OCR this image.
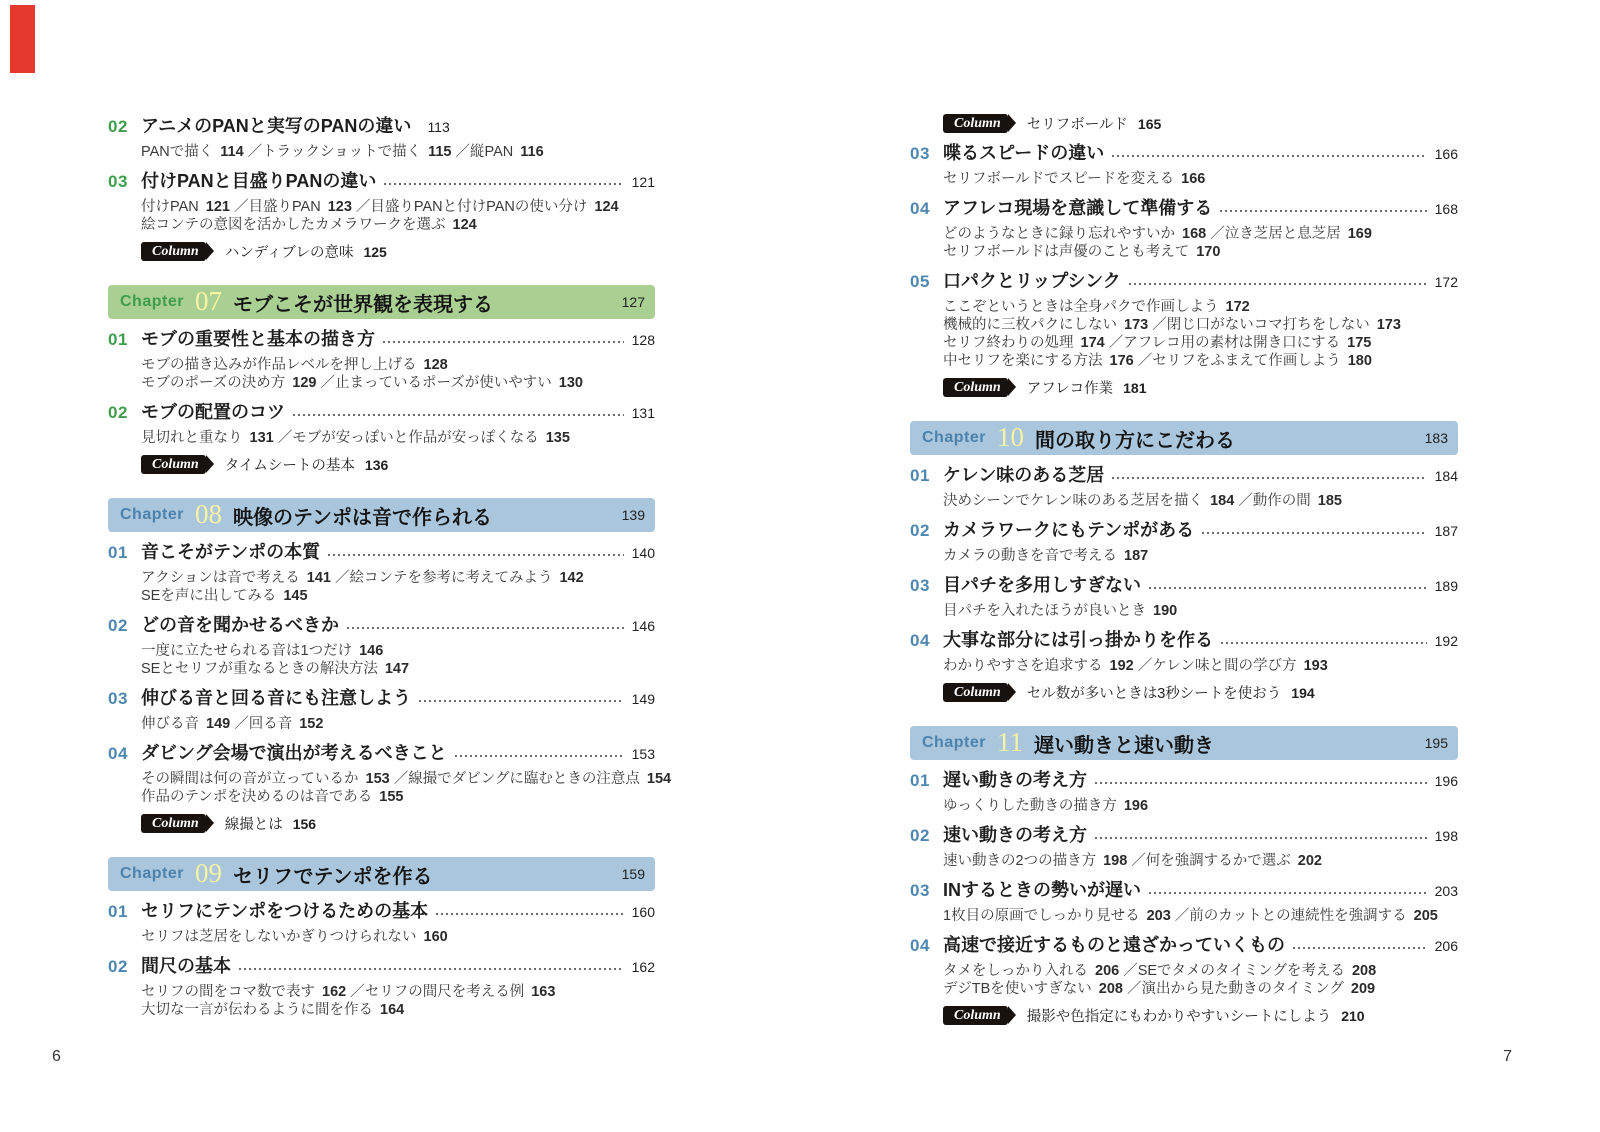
02 アニメのPANと実写のPANの違い 113
PANで描く 114 ／トラックショットで描く 115 ／縦PAN 116
03 付けPANと目盛りPANの違い	121
付けPAN 121 ／目盛りPAN 123 ／目盛りPANと付けPANの使い分け 124
絵コンテの意図を活かしたカメラワークを選ぶ 124
Column	ハンディブレの意味 125
Chapter 07 モブこそが世界観を表現する	127
01 モブの重要性と基本の描き方	128
モブの描き込みが作品レベルを押し上げる 128
モブのポーズの決め方 129 ／止まっているポーズが使いやすい 130
02 モブの配置のコツ	131
見切れと重なり 131 ／モブが安っぽいと作品が安っぽくなる 135
Column	タイムシートの基本 136
Chapter 08 映像のテンポは音で作られる	139
01 音こそがテンポの本質	140
アクションは音で考える 141 ／絵コンテを参考に考えてみよう 142
SEを声に出してみる 145
02 どの音を聞かせるべきか	146
一度に立たせられる音は1つだけ 146
SEとセリフが重なるときの解決方法 147
03 伸びる音と回る音にも注意しよう	149
伸びる音 149 ／回る音 152
04 ダビング会場で演出が考えるべきこと	153
その瞬間は何の音が立っているか 153 ／線撮でダビングに臨むときの注意点 154
作品のテンポを決めるのは音である 155
Column	線撮とは 156
Chapter 09 セリフでテンポを作る	159
01 セリフにテンポをつけるための基本	160
セリフは芝居をしないかぎりつけられない 160
02 間尺の基本	162
セリフの間をコマ数で表す 162 ／セリフの間尺を考える例 163
大切な一言が伝わるように間を作る 164
Column	セリフボールド 165
03 喋るスピードの違い	166
セリフボールドでスピードを変える 166
04 アフレコ現場を意識して準備する	168
どのようなときに録り忘れやすいか 168 ／泣き芝居と息芝居 169
セリフボールドは声優のことも考えて 170
05 口パクとリップシンク	172
ここぞというときは全身パクで作画しよう 172
機械的に三枚パクにしない 173 ／閉じ口がないコマ打ちをしない 173
セリフ終わりの処理 174 ／アフレコ用の素材は開き口にする 175
中セリフを楽にする方法 176 ／セリフをふまえて作画しよう 180
Column	アフレコ作業 181
Chapter 10 間の取り方にこだわる	183
01 ケレン味のある芝居	184
決めシーンでケレン味のある芝居を描く 184 ／動作の間 185
02 カメラワークにもテンポがある	187
カメラの動きを音で考える 187
03 目パチを多用しすぎない	189
目パチを入れたほうが良いとき 190
04 大事な部分には引っ掛かりを作る	192
わかりやすさを追求する 192 ／ケレン味と間の学び方 193
Column	セル数が多いときは3秒シートを使おう 194
Chapter 11 遅い動きと速い動き	195
01 遅い動きの考え方	196
ゆっくりした動きの描き方 196
02 速い動きの考え方	198
速い動きの2つの描き方 198 ／何を強調するかで選ぶ 202
03 INするときの勢いが遅い	203
1枚目の原画でしっかり見せる 203 ／前のカットとの連続性を強調する 205
04 高速で接近するものと遠ざかっていくもの	206
タメをしっかり入れる 206 ／SEでタメのタイミングを考える 208
デジTBを使いすぎない 208 ／演出から見た動きのタイミング 209
Column	撮影や色指定にもわかりやすいシートにしよう 210
6	7
